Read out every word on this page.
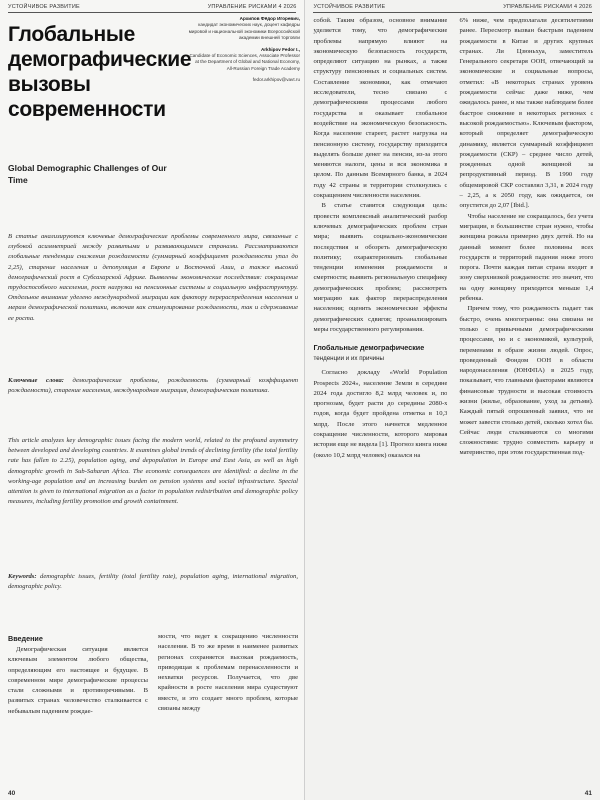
УСТОЙЧИВОЕ РАЗВИТИЕ	УПРАВЛЕНИЕ РИСКАМИ 4 2026
Глобальные демографические вызовы современности
Архипов Фёдор Игоревич,
кандидат экономических наук, доцент кафедры мировой и национальной экономики Всероссийской академии внешней торговли
Arkhipov Fedor I.,
Candidate of Economic Sciences, Associate Professor at the Department of Global and National Economy, All-Russian Foreign Trade Academy
fedor.arkhipov@vavt.ru
Global Demographic Challenges of Our Time

В статье анализируются ключевые демографические проблемы современного мира, связанные с глубокой асимметрией между развитыми и развивающимися странами. Рассматриваются глобальные тенденции снижения рождаемости (суммарный коэффициент рождаемости упал до 2,25), старение населения и депопуляция в Европе и Восточной Азии, а также высокий демографический рост в Субсахарской Африке. Выявлены экономические последствия: сокращение трудоспособного населения, рост нагрузки на пенсионные системы и социальную инфраструктуру. Отдельное внимание уделено международной миграции как фактору перераспределения населения и мерам демографической политики, включая как стимулирование рождаемости, так и сдерживание ее роста.

Ключевые слова: демографические проблемы, рождаемость (суммарный коэффициент рождаемости), старение населения, международная миграция, демографическая политика.

This article analyzes key demographic issues facing the modern world, related to the profound asymmetry between developed and developing countries. It examines global trends of declining fertility (the total fertility rate has fallen to 2.25), population aging, and depopulation in Europe and East Asia, as well as high demographic growth in Sub-Saharan Africa. The economic consequences are identified: a decline in the working-age population and an increasing burden on pension systems and social infrastructure. Special attention is given to international migration as a factor in population redistribution and demographic policy measures, including fertility promotion and growth containment.

Keywords: demographic issues, fertility (total fertility rate), population aging, international migration, demographic policy.

Введение

Демографическая ситуация является ключевым элементом любого общества, определяющим его настоящее и будущее. В современном мире демографические процессы стали сложными и противоречивыми. В развитых странах человечество сталкивается с небывалым падением рождае-

мости, что ведет к сокращению численности населения. В то же время в наименее развитых регионах сохраняется высокая рождаемость, приводящая к проблемам перенаселенности и нехватки ресурсов. Получается, что две крайности в росте населения мира существуют вместе, и это создает много проблем, которые связаны между

40
УСТОЙЧИВОЕ РАЗВИТИЕ	УПРАВЛЕНИЕ РИСКАМИ 4 2026

собой. Таким образом, основное внимание уделяется тому, что демографические проблемы напрямую влияют на экономическую безопасность государств, определяют ситуацию на рынках, а также структуру пенсионных и социальных систем. Составление экономики, как отмечают исследователи, тесно связано с демографическими процессами любого государства и оказывает глобальное воздействие на экономическую безопасность. Когда население стареет, растет нагрузка на пенсионную систему, государству приходится выделять больше денег на пенсии, из-за этого меняются налоги, цены и вся экономика в целом. По данным Всемирного банка, в 2024 году 42 страны и территории столкнулись с сокращением численности населения.

В статье ставится следующая цель: провести комплексный аналитический разбор ключевых демографических проблем стран мира; выявить социально-экономические последствия и обозреть демографическую политику; охарактеризовать глобальные тенденции изменения рождаемости и смертности; выявить региональную специфику демографических проблем; рассмотреть миграцию как фактор перераспределения населения; оценить экономические эффекты демографических сдвигов; проанализировать меры государственного регулирования.

Глобальные демографические

тенденции и их причины

Согласно докладу «World Population Prospects 2024», население Земли в середине 2024 года достигло 8,2 млрд человек и, по прогнозам, будет расти до середины 2080-х годов, когда будет пройдена отметка в 10,3 млрд. После этого начнется медленное сокращение численности, которого мировая история еще не видела [1]. Прогноз кинга ниже (около 10,2 млрд человек) оказался на

6% ниже, чем предполагали десятилетиями ранее. Пересмотр вызван быстрым падением рождаемости в Китае и других крупных странах. Ли Цзюньхуа, заместитель Генерального секретаря ООН, отвечающий за экономические и социальные вопросы, отметил: «В некоторых странах уровень рождаемости сейчас даже ниже, чем ожидалось ранее, и мы также наблюдаем более быстрое снижение в некоторых регионах с высокой рождаемостью». Ключевым фактором, который определяет демографическую динамику, является суммарный коэффициент рождаемости (СКР) – среднее число детей, рожденных одной женщиной за репродуктивный период. В 1990 году общемировой СКР составлял 3,31, в 2024 году – 2,25, а к 2050 году, как ожидается, он опустится до 2,07 [Ibid.].

Чтобы население не сокращалось, без учета миграции, в большинстве стран нужно, чтобы женщина рожала примерно двух детей. Но на данный момент более половины всех государств и территорий падения ниже этого порога. Почти каждая пятая страна входит в зону сверхнизкой рождаемости: это значит, что на одну женщину приходится меньше 1,4 ребенка.

Причем тому, что рождаемость падает так быстро, очень многогранны: она связана не только с привычными демографическими процессами, но и с экономикой, культурой, переменами в образе жизни людей. Опрос, проведенный Фондом ООН в области народонаселения (ЮНФПА) в 2025 году, показывает, что главными факторами являются финансовые трудности и высокая стоимость жизни (жилье, образование, уход за детьми). Каждый пятый опрошенный заявил, что не может завести столько детей, сколько хотел бы. Сейчас люди сталкиваются со многими сложностями: трудно совместить карьеру и материнство, при этом государственная под-

41
